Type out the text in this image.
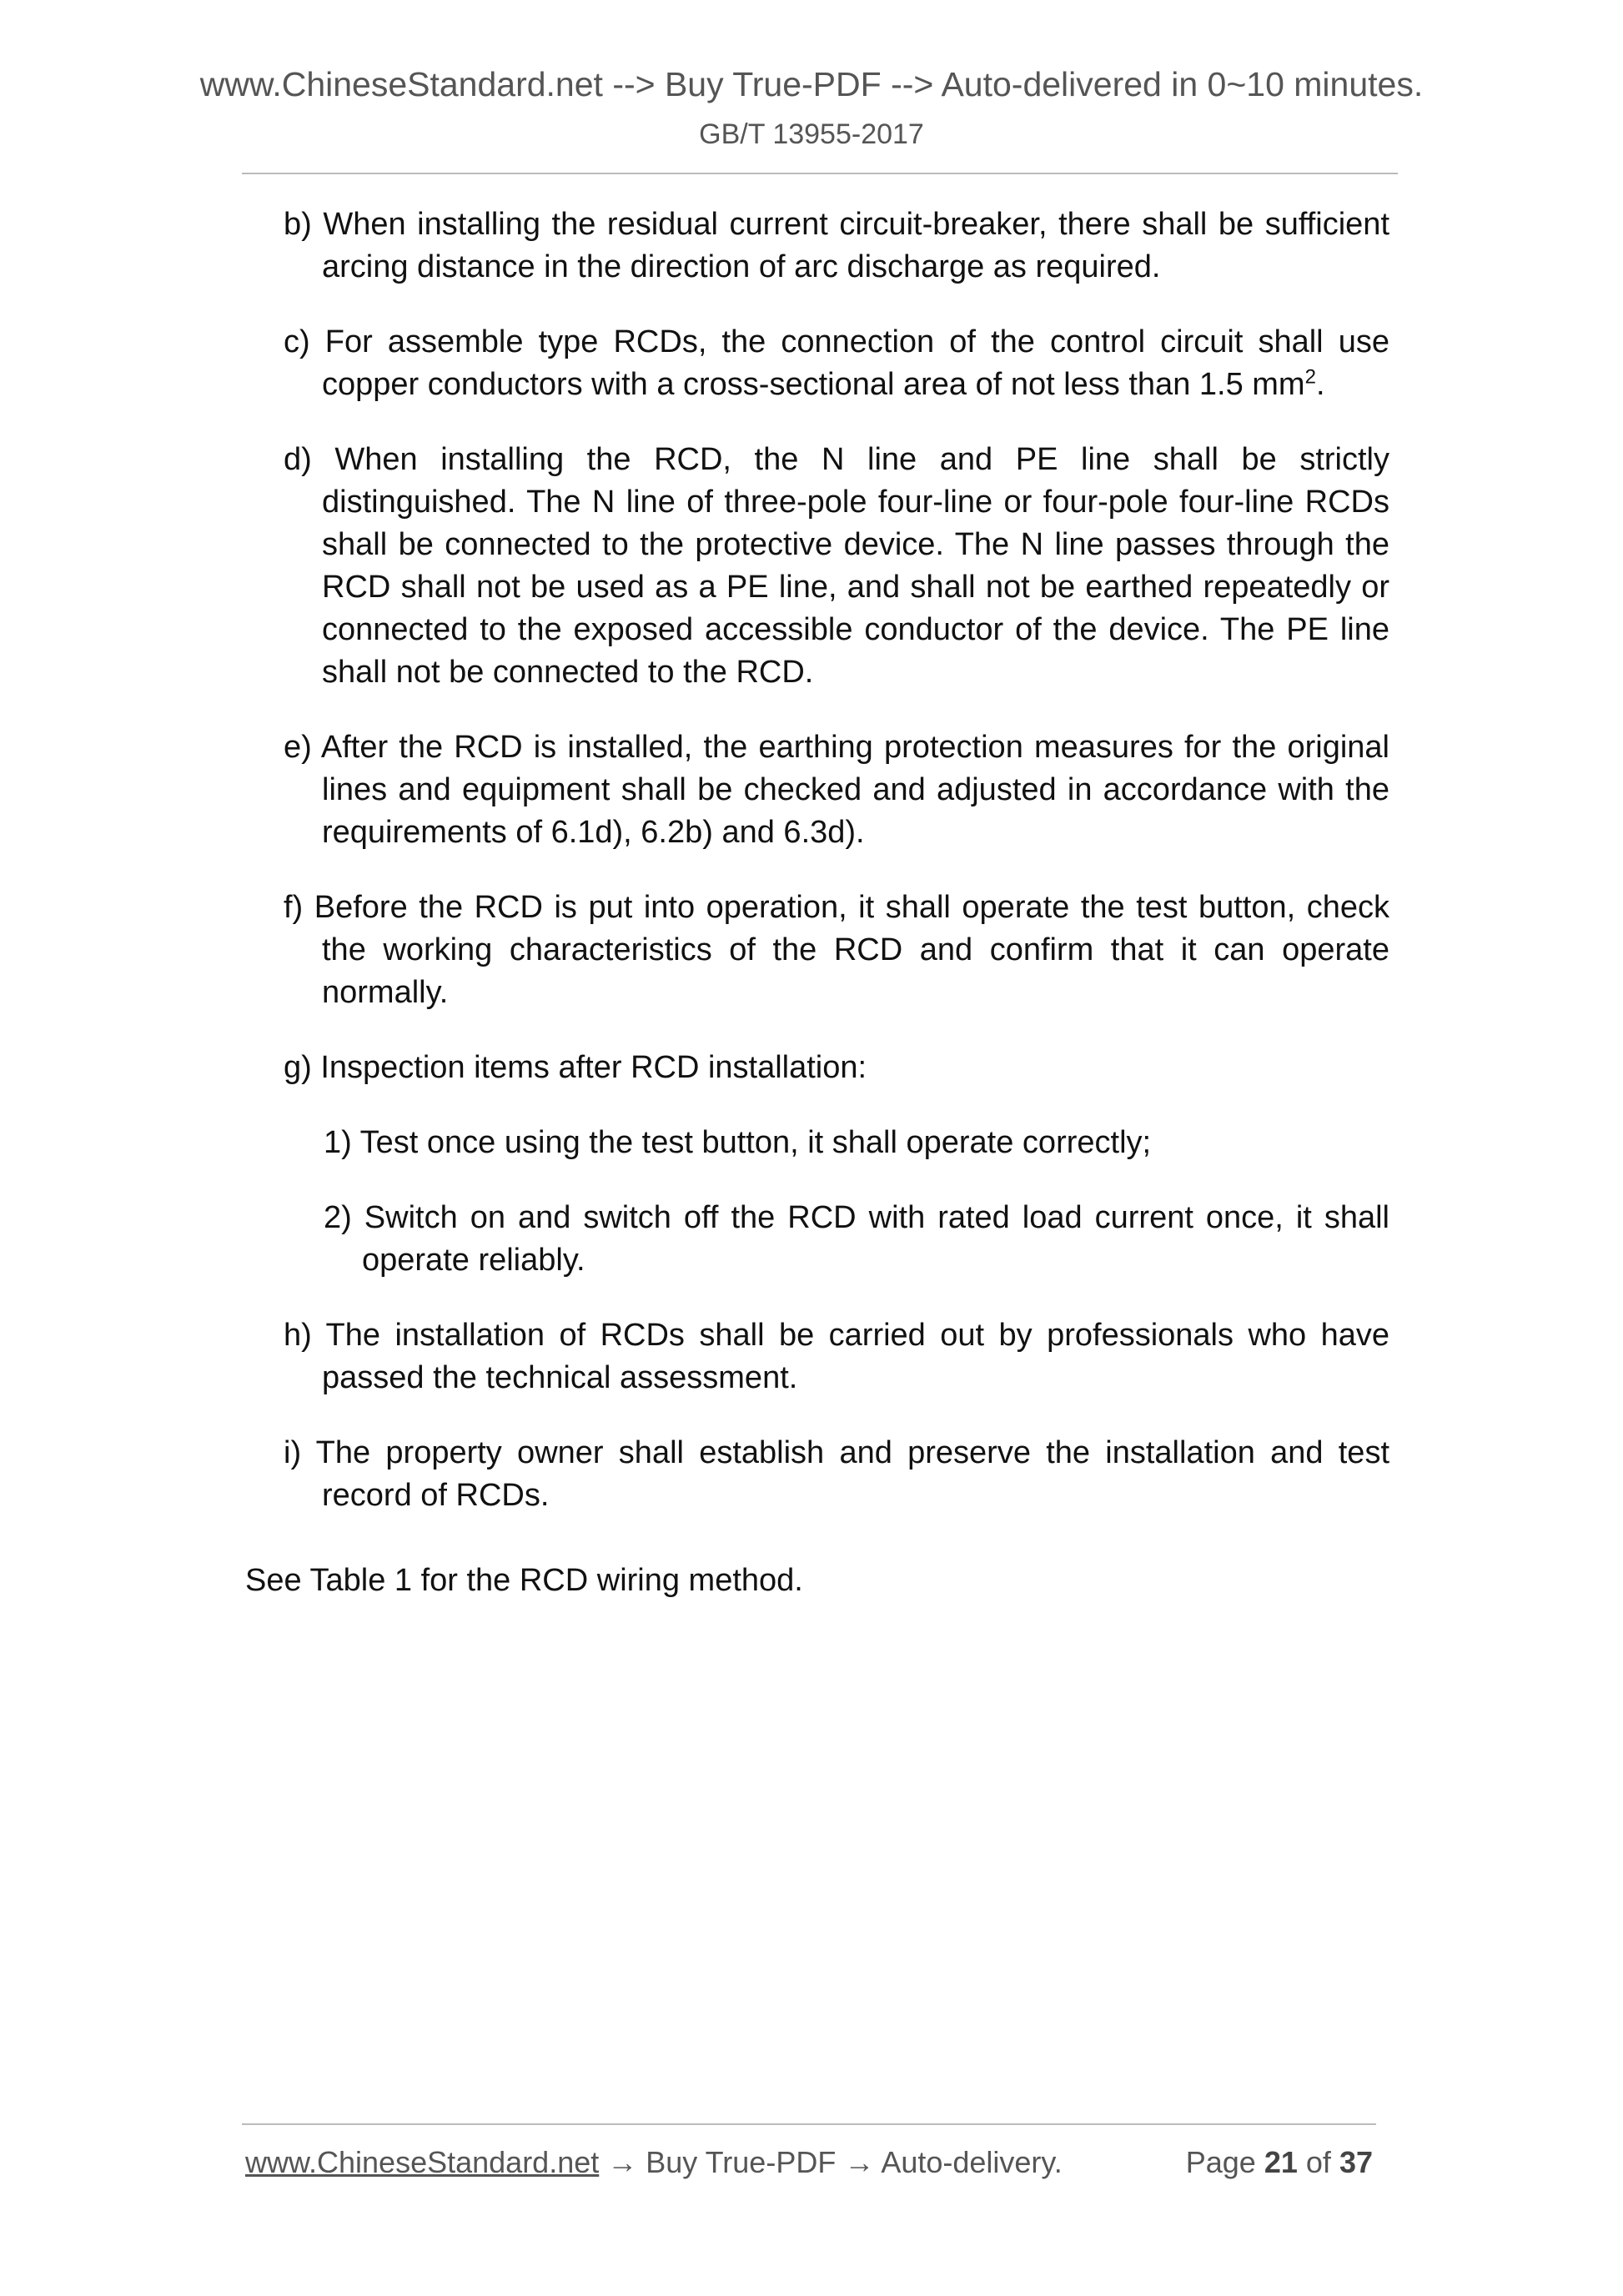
www.ChineseStandard.net --> Buy True-PDF --> Auto-delivered in 0~10 minutes.
GB/T 13955-2017

b) When installing the residual current circuit-breaker, there shall be sufficient arcing distance in the direction of arc discharge as required.

c) For assemble type RCDs, the connection of the control circuit shall use copper conductors with a cross-sectional area of not less than 1.5 $mm^2$.

d) When installing the RCD, the N line and PE line shall be strictly distinguished. The N line of three-pole four-line or four-pole four-line RCDs shall be connected to the protective device. The N line passes through the RCD shall not be used as a PE line, and shall not be earthed repeatedly or connected to the exposed accessible conductor of the device. The PE line shall not be connected to the RCD.

e) After the RCD is installed, the earthing protection measures for the original lines and equipment shall be checked and adjusted in accordance with the requirements of 6.1d), 6.2b) and 6.3d).

f) Before the RCD is put into operation, it shall operate the test button, check the working characteristics of the RCD and confirm that it can operate normally.

g) Inspection items after RCD installation:

1) Test once using the test button, it shall operate correctly;

2) Switch on and switch off the RCD with rated load current once, it shall operate reliably.

h) The installation of RCDs shall be carried out by professionals who have passed the technical assessment.

i) The property owner shall establish and preserve the installation and test record of RCDs.

See Table 1 for the RCD wiring method.
www.ChineseStandard.net → Buy True-PDF → Auto-delivery.	Page 21 of 37
